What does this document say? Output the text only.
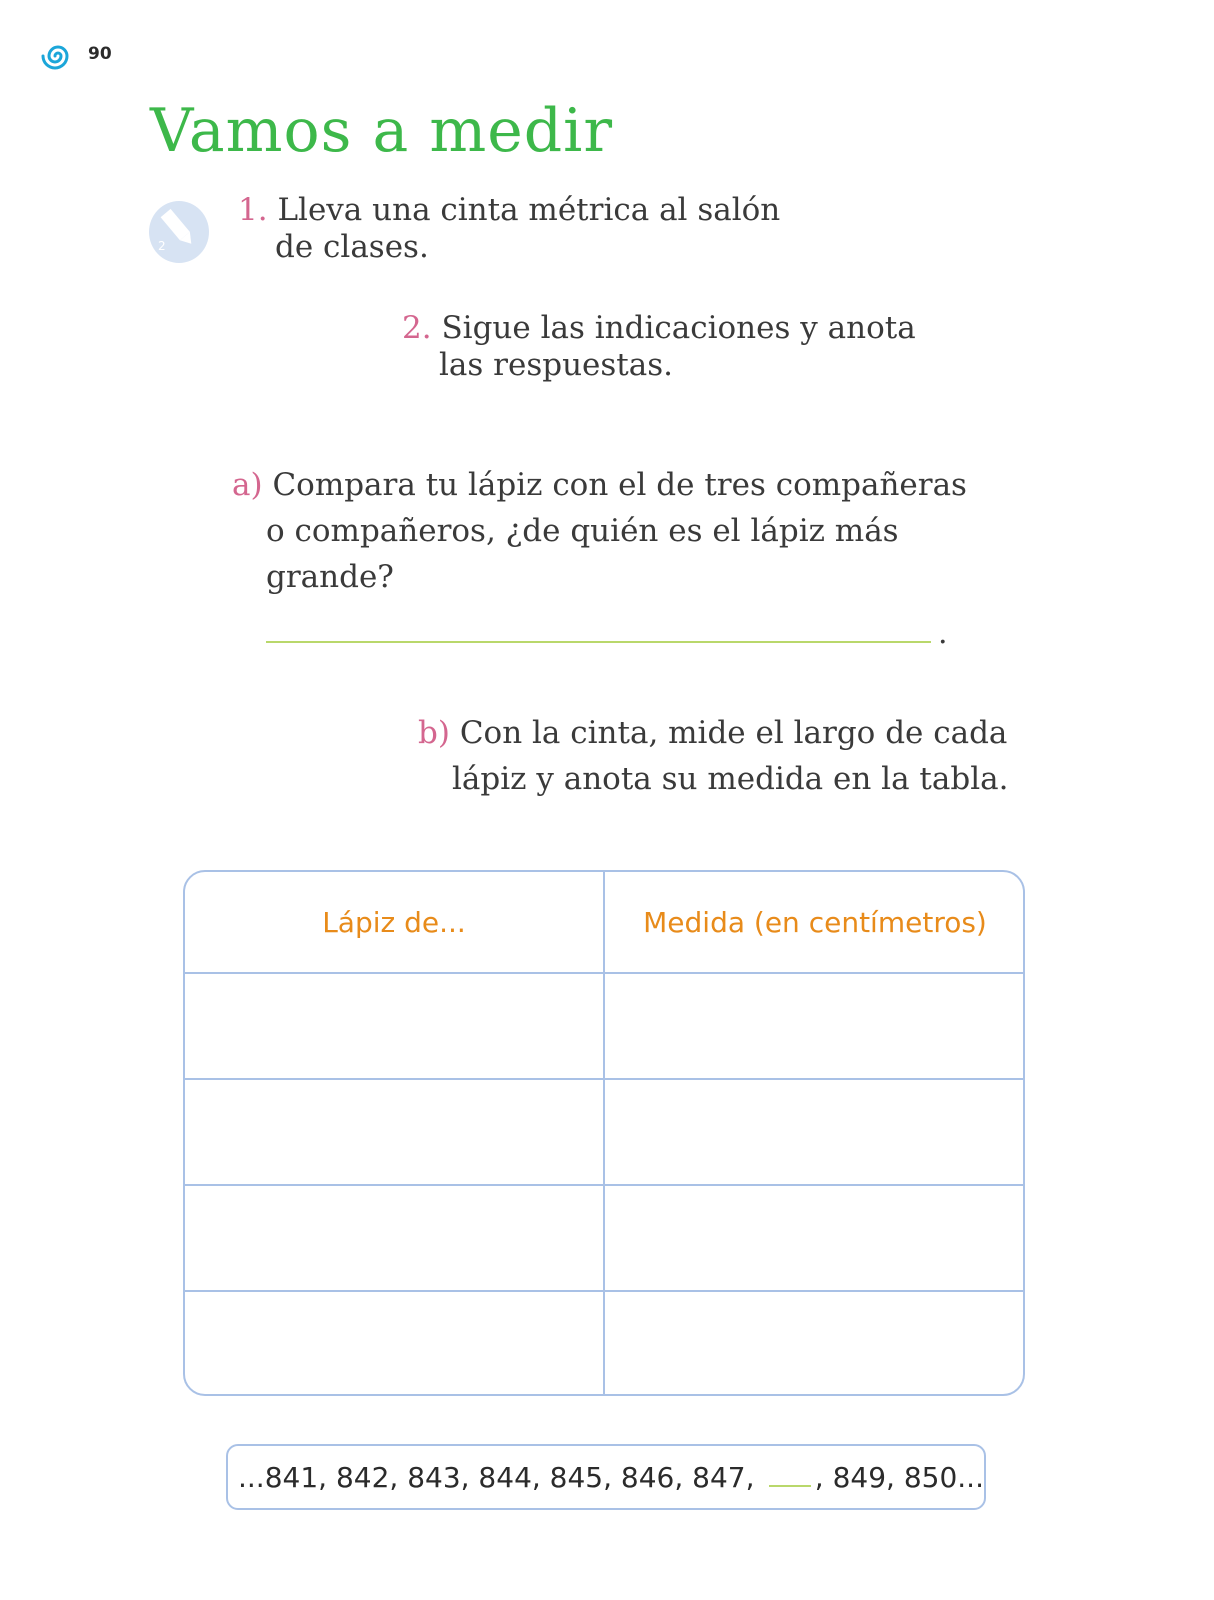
90
Vamos a medir
2
1. Lleva una cinta métrica al salón
de clases.
2. Sigue las indicaciones y anota
las respuestas.
a) Compara tu lápiz con el de tres compañeras
o compañeros, ¿de quién es el lápiz más
grande?
.
b) Con la cinta, mide el largo de cada
lápiz y anota su medida en la tabla.
Lápiz de...	Medida (en centímetros)
...841, 842, 843, 844, 845, 846, 847, , 849, 850...
